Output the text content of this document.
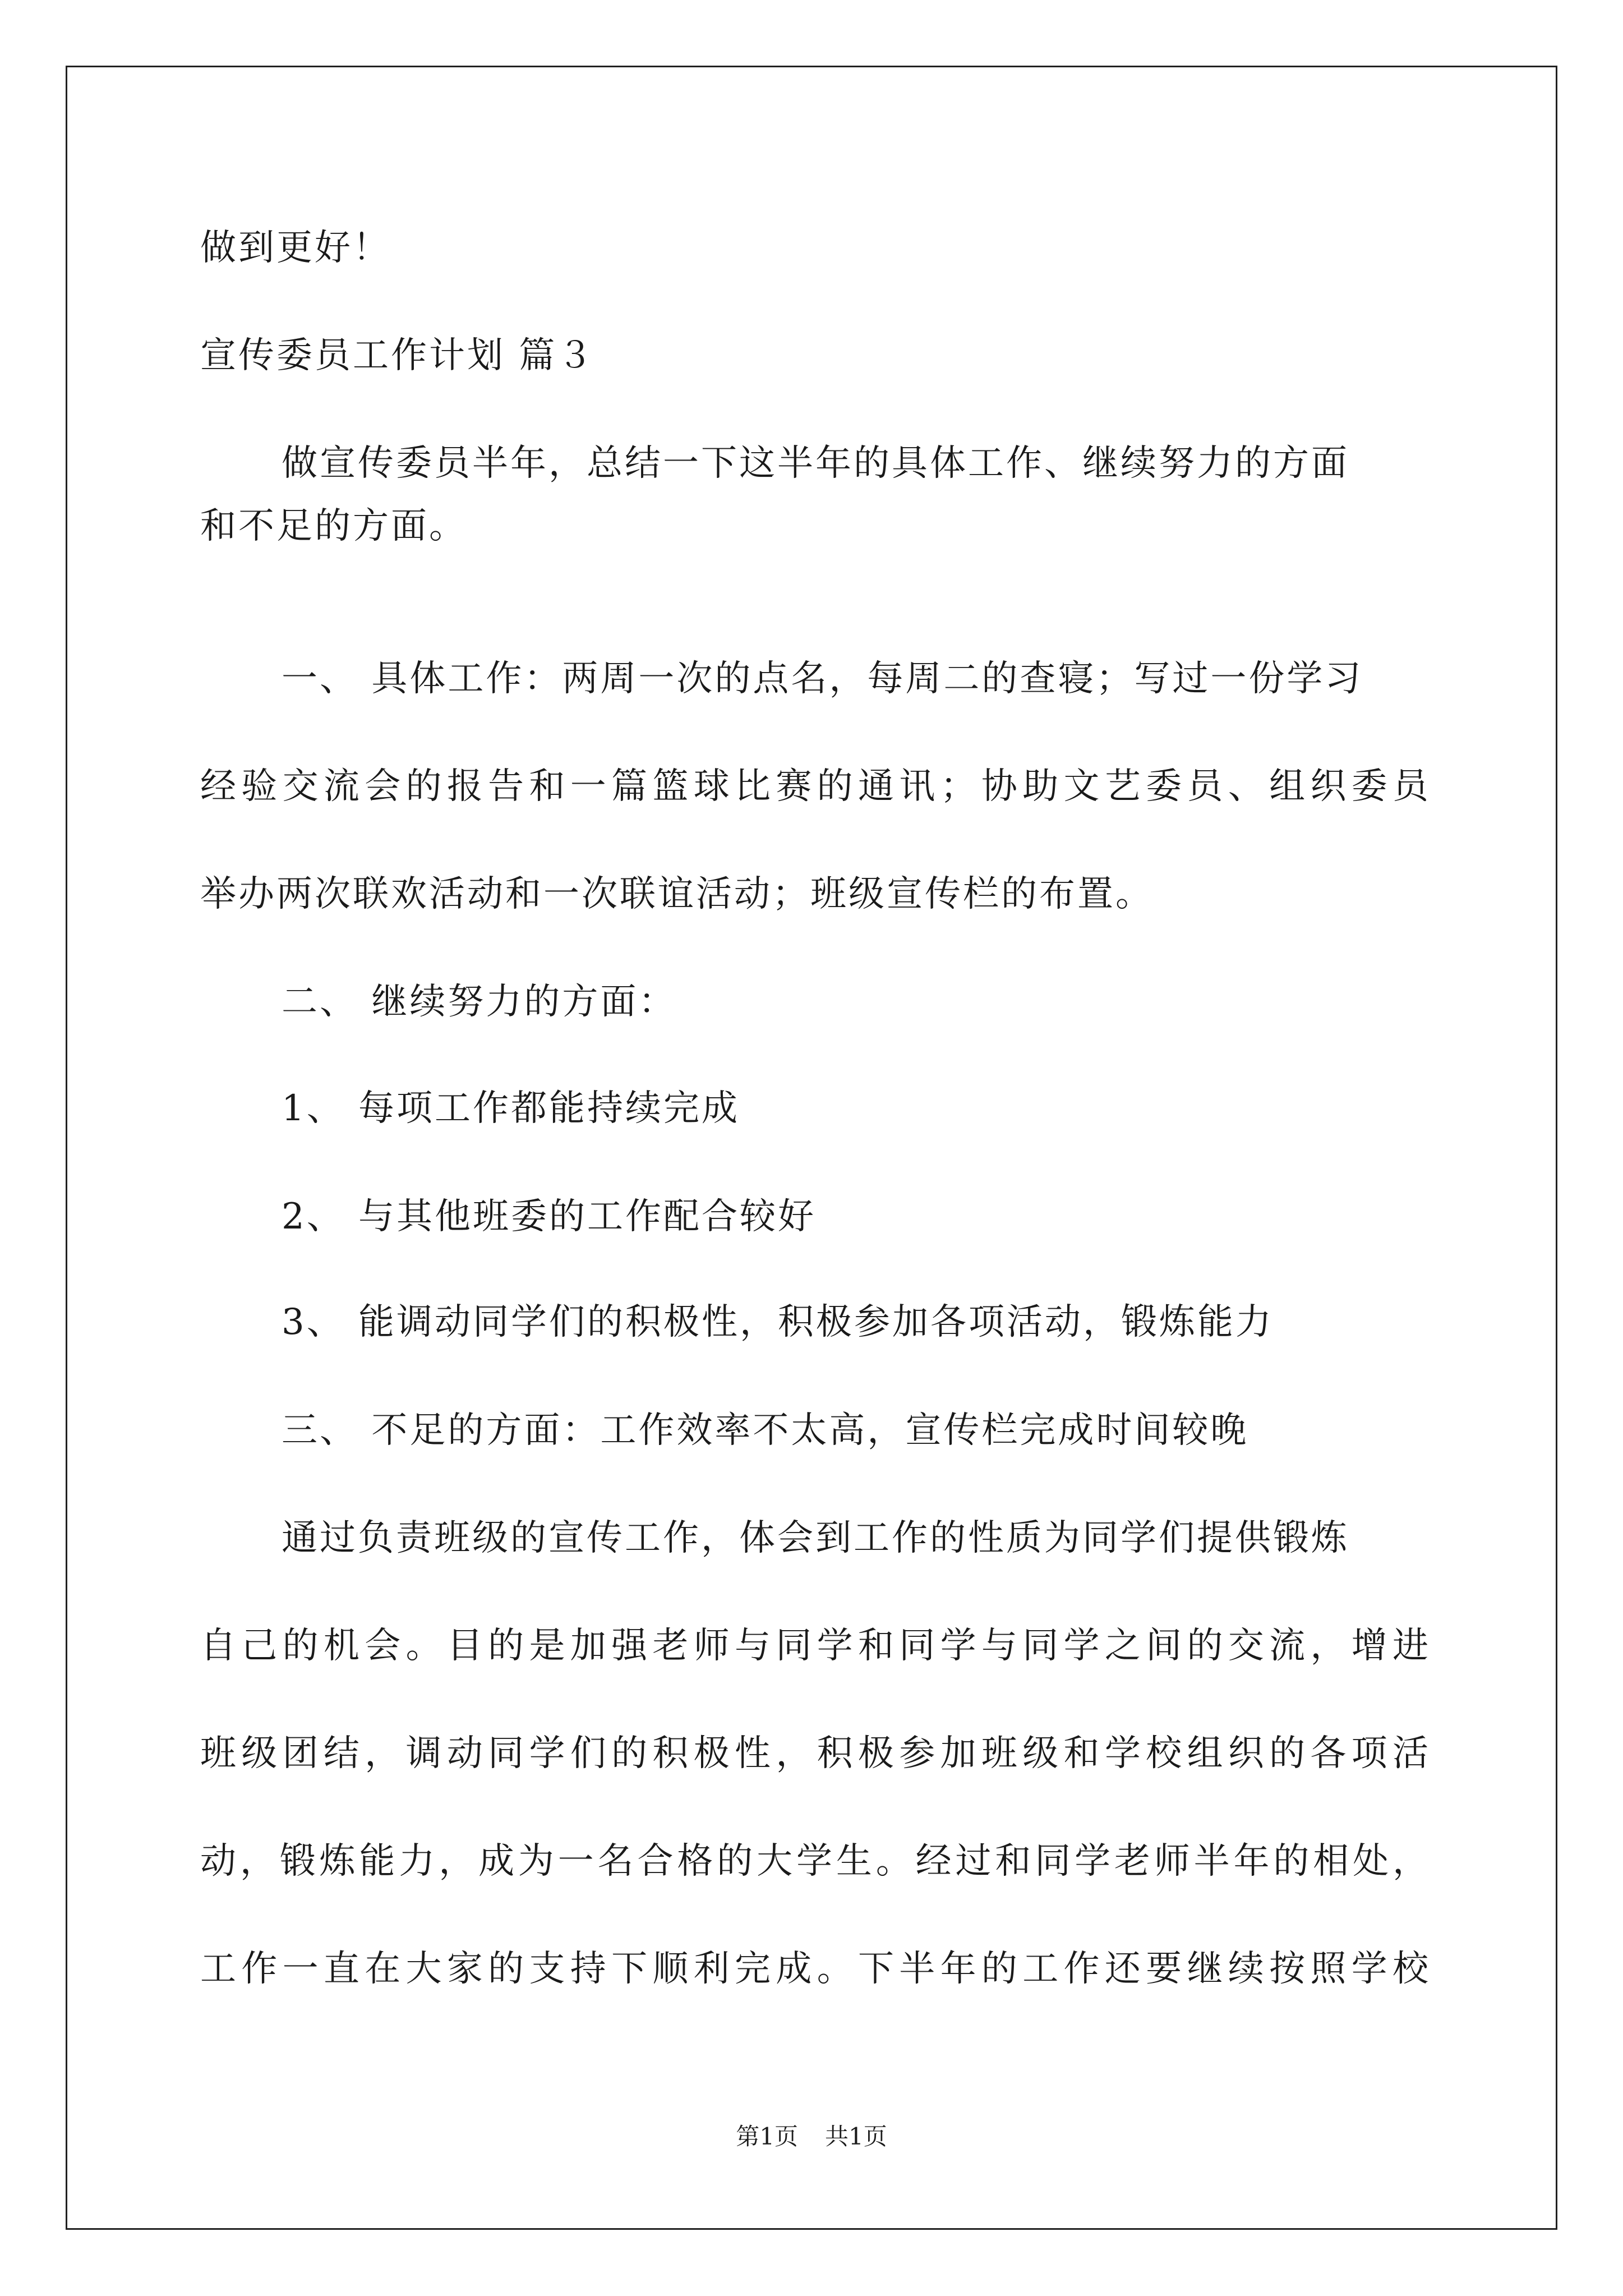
做到更好！
宣传委员工作计划 篇３
做宣传委员半年，总结一下这半年的具体工作、继续努力的方面
和不足的方面。
一、 具体工作：两周一次的点名，每周二的查寝；写过一份学习
经验交流会的报告和一篇篮球比赛的通讯；协助文艺委员、组织委员
举办两次联欢活动和一次联谊活动；班级宣传栏的布置。
二、 继续努力的方面：
1、 每项工作都能持续完成
2、 与其他班委的工作配合较好
3、 能调动同学们的积极性，积极参加各项活动，锻炼能力
三、 不足的方面：工作效率不太高，宣传栏完成时间较晚
通过负责班级的宣传工作，体会到工作的性质为同学们提供锻炼
自己的机会。目的是加强老师与同学和同学与同学之间的交流，增进
班级团结，调动同学们的积极性，积极参加班级和学校组织的各项活
动，锻炼能力，成为一名合格的大学生。经过和同学老师半年的相处，
工作一直在大家的支持下顺利完成。下半年的工作还要继续按照学校
第1页 共1页
